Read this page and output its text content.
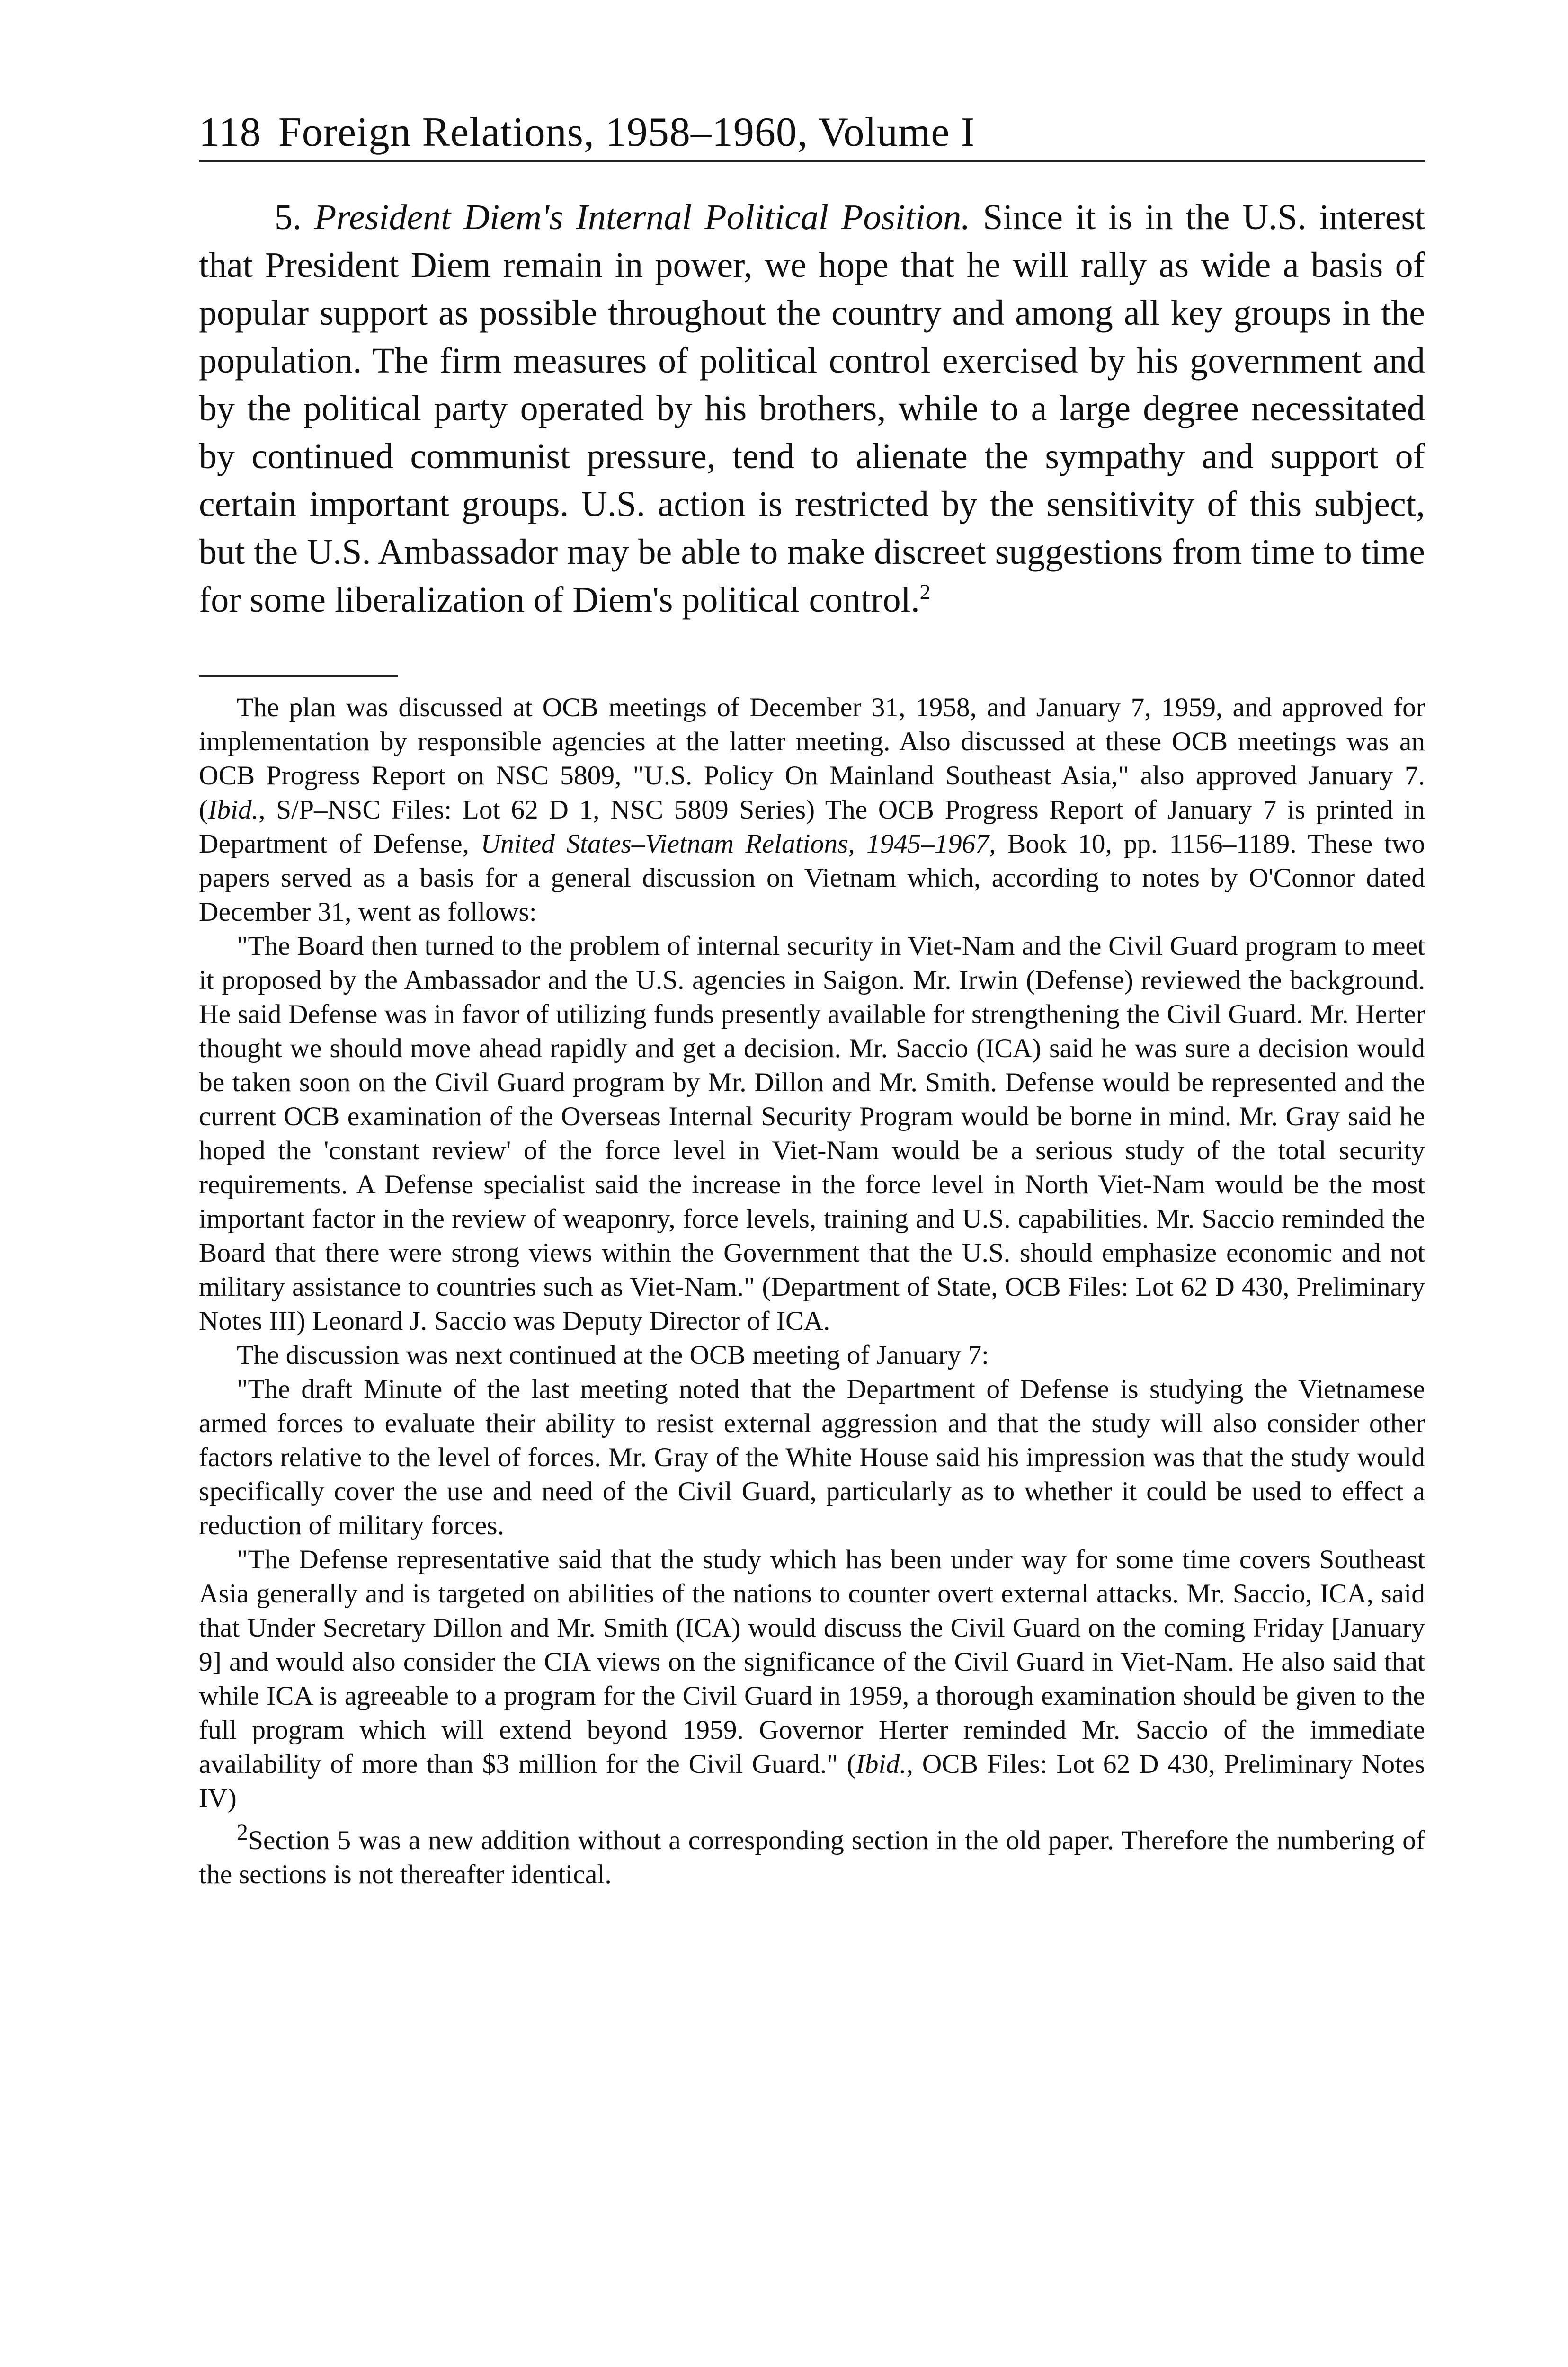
118 Foreign Relations, 1958–1960, Volume I

5. President Diem's Internal Political Position. Since it is in the U.S. interest that President Diem remain in power, we hope that he will rally as wide a basis of popular support as possible throughout the country and among all key groups in the population. The firm measures of political control exercised by his government and by the political party operated by his brothers, while to a large degree necessitated by continued communist pressure, tend to alienate the sympathy and support of certain important groups. U.S. action is restricted by the sensitivity of this subject, but the U.S. Ambassador may be able to make discreet suggestions from time to time for some liberalization of Diem's political control.$^2$

The plan was discussed at OCB meetings of December 31, 1958, and January 7, 1959, and approved for implementation by responsible agencies at the latter meeting. Also discussed at these OCB meetings was an OCB Progress Report on NSC 5809, "U.S. Policy On Mainland Southeast Asia," also approved January 7. (Ibid., S/P–NSC Files: Lot 62 D 1, NSC 5809 Series) The OCB Progress Report of January 7 is printed in Department of Defense, United States–Vietnam Relations, 1945–1967, Book 10, pp. 1156–1189. These two papers served as a basis for a general discussion on Vietnam which, according to notes by O'Connor dated December 31, went as follows:

"The Board then turned to the problem of internal security in Viet-Nam and the Civil Guard program to meet it proposed by the Ambassador and the U.S. agencies in Saigon. Mr. Irwin (Defense) reviewed the background. He said Defense was in favor of utilizing funds presently available for strengthening the Civil Guard. Mr. Herter thought we should move ahead rapidly and get a decision. Mr. Saccio (ICA) said he was sure a decision would be taken soon on the Civil Guard program by Mr. Dillon and Mr. Smith. Defense would be represented and the current OCB examination of the Overseas Internal Security Program would be borne in mind. Mr. Gray said he hoped the 'constant review' of the force level in Viet-Nam would be a serious study of the total security requirements. A Defense specialist said the increase in the force level in North Viet-Nam would be the most important factor in the review of weaponry, force levels, training and U.S. capabilities. Mr. Saccio reminded the Board that there were strong views within the Government that the U.S. should emphasize economic and not military assistance to countries such as Viet-Nam." (Department of State, OCB Files: Lot 62 D 430, Preliminary Notes III) Leonard J. Saccio was Deputy Director of ICA.

The discussion was next continued at the OCB meeting of January 7:

"The draft Minute of the last meeting noted that the Department of Defense is studying the Vietnamese armed forces to evaluate their ability to resist external aggression and that the study will also consider other factors relative to the level of forces. Mr. Gray of the White House said his impression was that the study would specifically cover the use and need of the Civil Guard, particularly as to whether it could be used to effect a reduction of military forces.

"The Defense representative said that the study which has been under way for some time covers Southeast Asia generally and is targeted on abilities of the nations to counter overt external attacks. Mr. Saccio, ICA, said that Under Secretary Dillon and Mr. Smith (ICA) would discuss the Civil Guard on the coming Friday [January 9] and would also consider the CIA views on the significance of the Civil Guard in Viet-Nam. He also said that while ICA is agreeable to a program for the Civil Guard in 1959, a thorough examination should be given to the full program which will extend beyond 1959. Governor Herter reminded Mr. Saccio of the immediate availability of more than $3 million for the Civil Guard." (Ibid., OCB Files: Lot 62 D 430, Preliminary Notes IV)

$^2$Section 5 was a new addition without a corresponding section in the old paper. Therefore the numbering of the sections is not thereafter identical.
